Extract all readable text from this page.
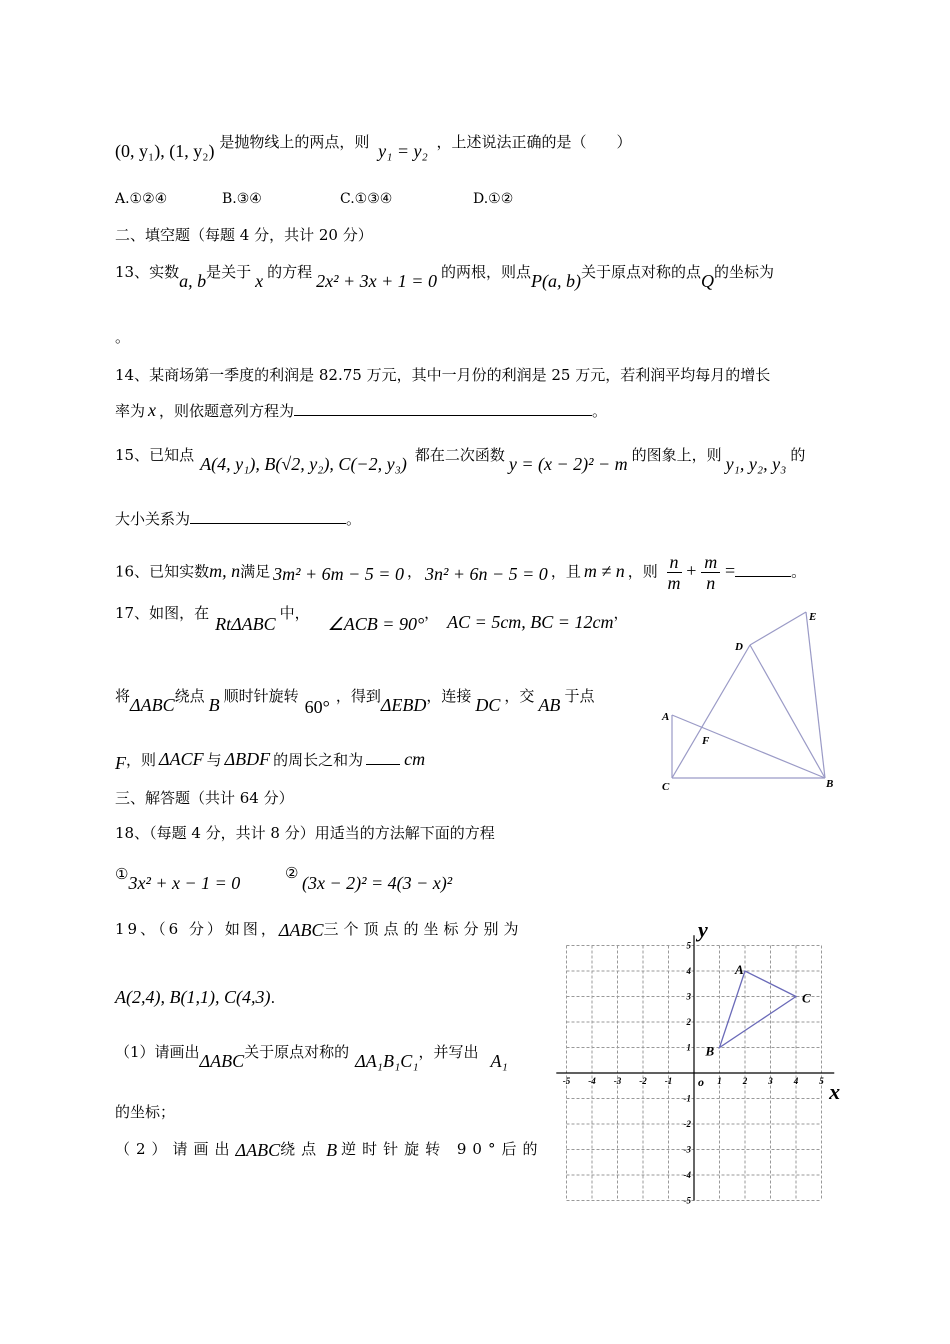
(0, y₁), (1, y₂) 是抛物线上的两点，则 y₁ = y₂ ，上述说法正确的是（　　）
A.①②④	B.③④	C.①③④	D.①②
二、填空题（每题 4 分，共计 20 分）
13、实数a, b是关于 x 的方程 2x² + 3x + 1 = 0 的两根，则点P(a, b)关于原点对称的点Q的坐标为
。
14、某商场第一季度的利润是 82.75 万元，其中一月份的利润是 25 万元，若利润平均每月的增长
率为 x ，则依题意列方程为	。
15、已知点 A(4, y₁), B(√2, y₂), C(−2, y₃) 都在二次函数 y = (x − 2)² − m 的图象上，则 y₁, y₂, y₃ 的
大小关系为	。
16、已知实数m, n满足 3m² + 6m − 5 = 0 ， 3n² + 6n − 5 = 0 ，且 m ≠ n ，则 $\frac{n}{m} + \frac{m}{n}$ =	。
17、如图，在RtΔABC中，∠ACB = 90°， AC = 5cm, BC = 12cm，
将ΔABC绕点 B 顺时针旋转60°，得到ΔEBD，连接 DC ，交 AB 于点
F，则 ΔACF 与 ΔBDF 的周长之和为 cm
A
C	B
D
E
F
三、解答题（共计 64 分）
18、（每题 4 分，共计 8 分）用适当的方法解下面的方程
①3x² + x − 1 = 0	② (3x − 2)² = 4(3 − x)²
19、（6 分）如图，ΔABC三个顶点的坐标分别为
A(2,4), B(1,1), C(4,3).
（1）请画出ΔABC关于原点对称的 ΔA₁B₁C₁，并写出 A₁
的坐标；
（2）请画出ΔABC绕点 B 逆时针旋转 90°后的
x
y
o
-5 -4 -3 -2 -1	1 2 3 4 5
5
4
3
2
1
-1
-2
-3
-4
-5
A
B
C
